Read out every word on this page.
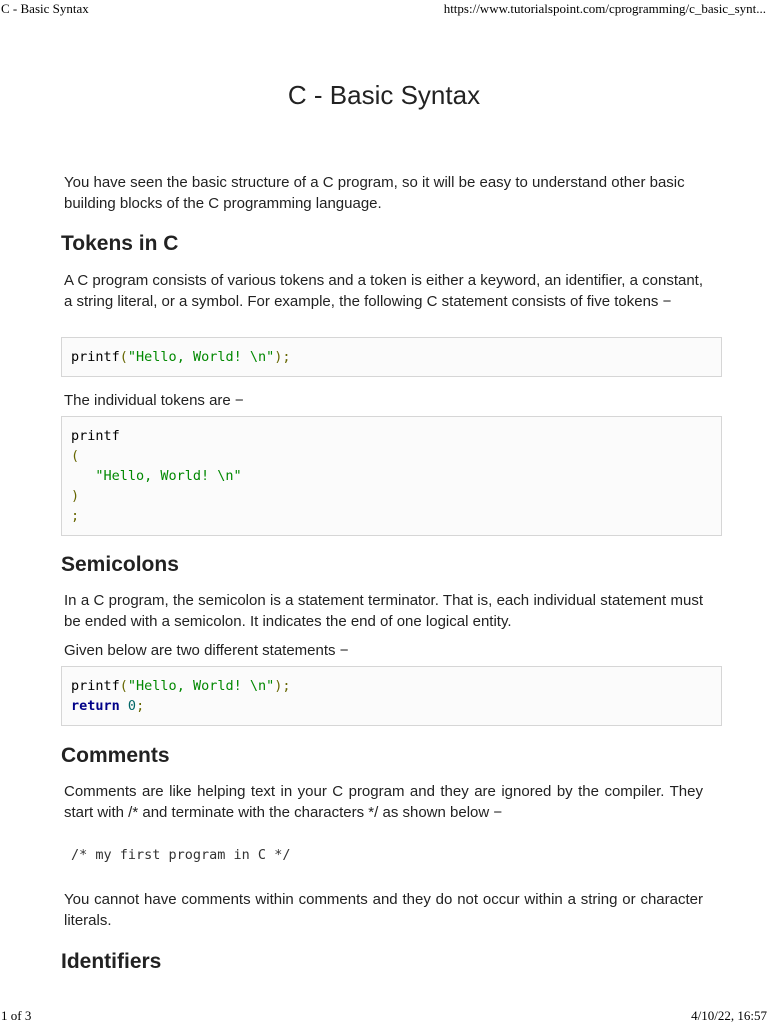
C - Basic Syntax	https://www.tutorialspoint.com/cprogramming/c_basic_synt...
C - Basic Syntax

You have seen the basic structure of a C program, so it will be easy to understand other basic building blocks of the C programming language.

Tokens in C

A C program consists of various tokens and a token is either a keyword, an identifier, a constant, a string literal, or a symbol. For example, the following C statement consists of five tokens −

printf("Hello, World! \n");

The individual tokens are −

printf
(
"Hello, World! \n"
)
;
Semicolons

In a C program, the semicolon is a statement terminator. That is, each individual statement must be ended with a semicolon. It indicates the end of one logical entity.

Given below are two different statements −

printf("Hello, World! \n");
return 0;
Comments

Comments are like helping text in your C program and they are ignored by the compiler. They start with /* and terminate with the characters */ as shown below −

/* my first program in C */

You cannot have comments within comments and they do not occur within a string or character literals.

Identifiers
1 of 3	4/10/22, 16:57
